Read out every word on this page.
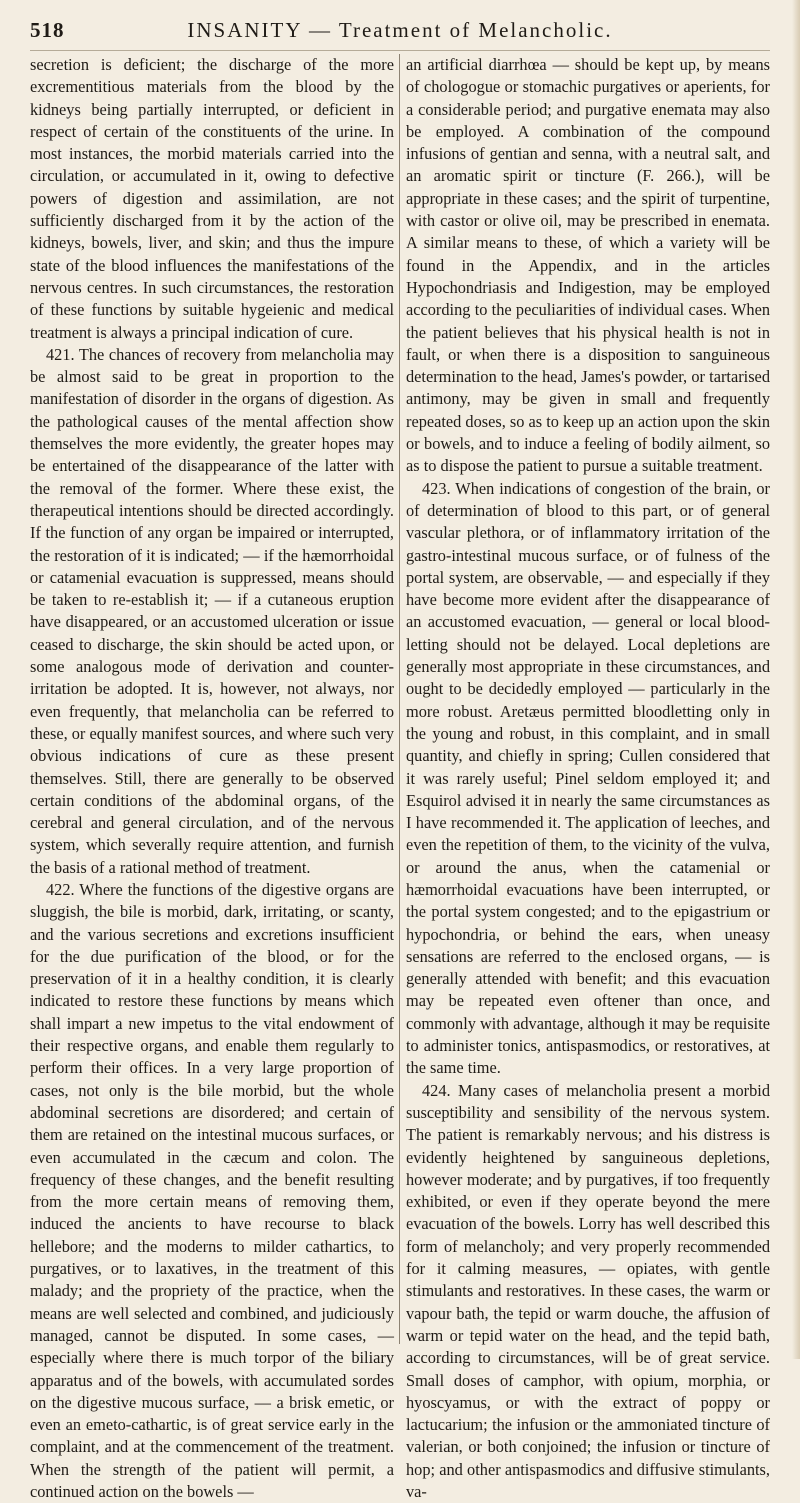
518	INSANITY — Treatment of Melancholic.

secretion is deficient; the discharge of the more excrementitious materials from the blood by the kidneys being partially interrupted, or deficient in respect of certain of the constituents of the urine. In most instances, the morbid materials carried into the circulation, or accumulated in it, owing to defective powers of digestion and assimilation, are not sufficiently discharged from it by the action of the kidneys, bowels, liver, and skin; and thus the impure state of the blood influences the manifestations of the nervous centres. In such circumstances, the restoration of these functions by suitable hygeienic and medical treatment is always a principal indication of cure.

421. The chances of recovery from melancholia may be almost said to be great in proportion to the manifestation of disorder in the organs of digestion. As the pathological causes of the mental affection show themselves the more evidently, the greater hopes may be entertained of the disappearance of the latter with the removal of the former. Where these exist, the therapeutical intentions should be directed accordingly. If the function of any organ be impaired or interrupted, the restoration of it is indicated; — if the hæmorrhoidal or catamenial evacuation is suppressed, means should be taken to re-establish it; — if a cutaneous eruption have disappeared, or an accustomed ulceration or issue ceased to discharge, the skin should be acted upon, or some analogous mode of derivation and counter-irritation be adopted. It is, however, not always, nor even frequently, that melancholia can be referred to these, or equally manifest sources, and where such very obvious indications of cure as these present themselves. Still, there are generally to be observed certain conditions of the abdominal organs, of the cerebral and general circulation, and of the nervous system, which severally require attention, and furnish the basis of a rational method of treatment.

422. Where the functions of the digestive organs are sluggish, the bile is morbid, dark, irritating, or scanty, and the various secretions and excretions insufficient for the due purification of the blood, or for the preservation of it in a healthy condition, it is clearly indicated to restore these functions by means which shall impart a new impetus to the vital endowment of their respective organs, and enable them regularly to perform their offices. In a very large proportion of cases, not only is the bile morbid, but the whole abdominal secretions are disordered; and certain of them are retained on the intestinal mucous surfaces, or even accumulated in the cæcum and colon. The frequency of these changes, and the benefit resulting from the more certain means of removing them, induced the ancients to have recourse to black hellebore; and the moderns to milder cathartics, to purgatives, or to laxatives, in the treatment of this malady; and the propriety of the practice, when the means are well selected and combined, and judiciously managed, cannot be disputed. In some cases, — especially where there is much torpor of the biliary apparatus and of the bowels, with accumulated sordes on the digestive mucous surface, — a brisk emetic, or even an emeto-cathartic, is of great service early in the complaint, and at the commencement of the treatment. When the strength of the patient will permit, a continued action on the bowels —

an artificial diarrhœa — should be kept up, by means of chologogue or stomachic purgatives or aperients, for a considerable period; and purgative enemata may also be employed. A combination of the compound infusions of gentian and senna, with a neutral salt, and an aromatic spirit or tincture (F. 266.), will be appropriate in these cases; and the spirit of turpentine, with castor or olive oil, may be prescribed in enemata. A similar means to these, of which a variety will be found in the Appendix, and in the articles Hypochondriasis and Indigestion, may be employed according to the peculiarities of individual cases. When the patient believes that his physical health is not in fault, or when there is a disposition to sanguineous determination to the head, James's powder, or tartarised antimony, may be given in small and frequently repeated doses, so as to keep up an action upon the skin or bowels, and to induce a feeling of bodily ailment, so as to dispose the patient to pursue a suitable treatment.

423. When indications of congestion of the brain, or of determination of blood to this part, or of general vascular plethora, or of inflammatory irritation of the gastro-intestinal mucous surface, or of fulness of the portal system, are observable, — and especially if they have become more evident after the disappearance of an accustomed evacuation, — general or local blood-letting should not be delayed. Local depletions are generally most appropriate in these circumstances, and ought to be decidedly employed — particularly in the more robust. Aretæus permitted bloodletting only in the young and robust, in this complaint, and in small quantity, and chiefly in spring; Cullen considered that it was rarely useful; Pinel seldom employed it; and Esquirol advised it in nearly the same circumstances as I have recommended it. The application of leeches, and even the repetition of them, to the vicinity of the vulva, or around the anus, when the catamenial or hæmorrhoidal evacuations have been interrupted, or the portal system congested; and to the epigastrium or hypochondria, or behind the ears, when uneasy sensations are referred to the enclosed organs, — is generally attended with benefit; and this evacuation may be repeated even oftener than once, and commonly with advantage, although it may be requisite to administer tonics, antispasmodics, or restoratives, at the same time.

424. Many cases of melancholia present a morbid susceptibility and sensibility of the nervous system. The patient is remarkably nervous; and his distress is evidently heightened by sanguineous depletions, however moderate; and by purgatives, if too frequently exhibited, or even if they operate beyond the mere evacuation of the bowels. Lorry has well described this form of melancholy; and very properly recommended for it calming measures, — opiates, with gentle stimulants and restoratives. In these cases, the warm or vapour bath, the tepid or warm douche, the affusion of warm or tepid water on the head, and the tepid bath, according to circumstances, will be of great service. Small doses of camphor, with opium, morphia, or hyoscyamus, or with the extract of poppy or lactucarium; the infusion or the ammoniated tincture of valerian, or both conjoined; the infusion or tincture of hop; and other antispasmodics and diffusive stimulants, va-
